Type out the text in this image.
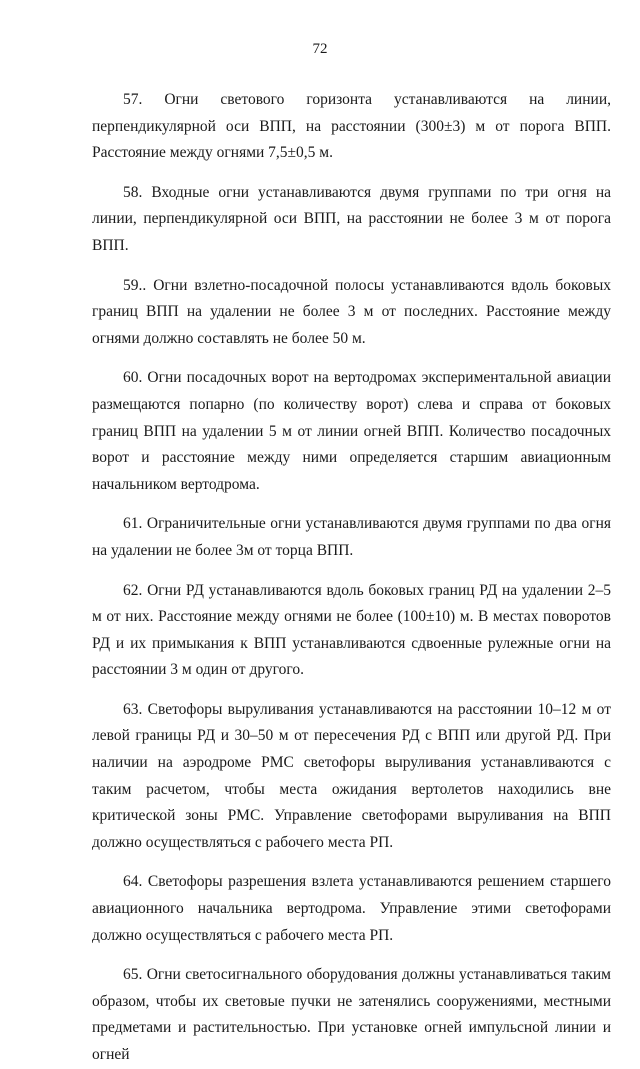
72

57. Огни светового горизонта устанавливаются на линии, перпендикулярной оси ВПП, на расстоянии (300±3) м от порога ВПП. Расстояние между огнями 7,5±0,5 м.

58. Входные огни устанавливаются двумя группами по три огня на линии, перпендикулярной оси ВПП, на расстоянии не более 3 м от порога ВПП.

59.. Огни взлетно-посадочной полосы устанавливаются вдоль боковых границ ВПП на удалении не более 3 м от последних. Расстояние между огнями должно составлять не более 50 м.

60. Огни посадочных ворот на вертодромах экспериментальной авиации размещаются попарно (по количеству ворот) слева и справа от боковых границ ВПП на удалении 5 м от линии огней ВПП. Количество посадочных ворот и расстояние между ними определяется старшим авиационным начальником вертодрома.

61. Ограничительные огни устанавливаются двумя группами по два огня на удалении не более 3м от торца ВПП.

62. Огни РД устанавливаются вдоль боковых границ РД на удалении 2–5 м от них. Расстояние между огнями не более (100±10) м. В местах поворотов РД и их примыкания к ВПП устанавливаются сдвоенные рулежные огни на расстоянии 3 м один от другого.

63. Светофоры выруливания устанавливаются на расстоянии 10–12 м от левой границы РД и 30–50 м от пересечения РД с ВПП или другой РД. При наличии на аэродроме РМС светофоры выруливания устанавливаются с таким расчетом, чтобы места ожидания вертолетов находились вне критической зоны РМС. Управление светофорами выруливания на ВПП должно осуществляться с рабочего места РП.

64. Светофоры разрешения взлета устанавливаются решением старшего авиационного начальника вертодрома. Управление этими светофорами должно осуществляться с рабочего места РП.

65. Огни светосигнального оборудования должны устанавливаться таким образом, чтобы их световые пучки не затенялись сооружениями, местными предметами и растительностью. При установке огней импульсной линии и огней
